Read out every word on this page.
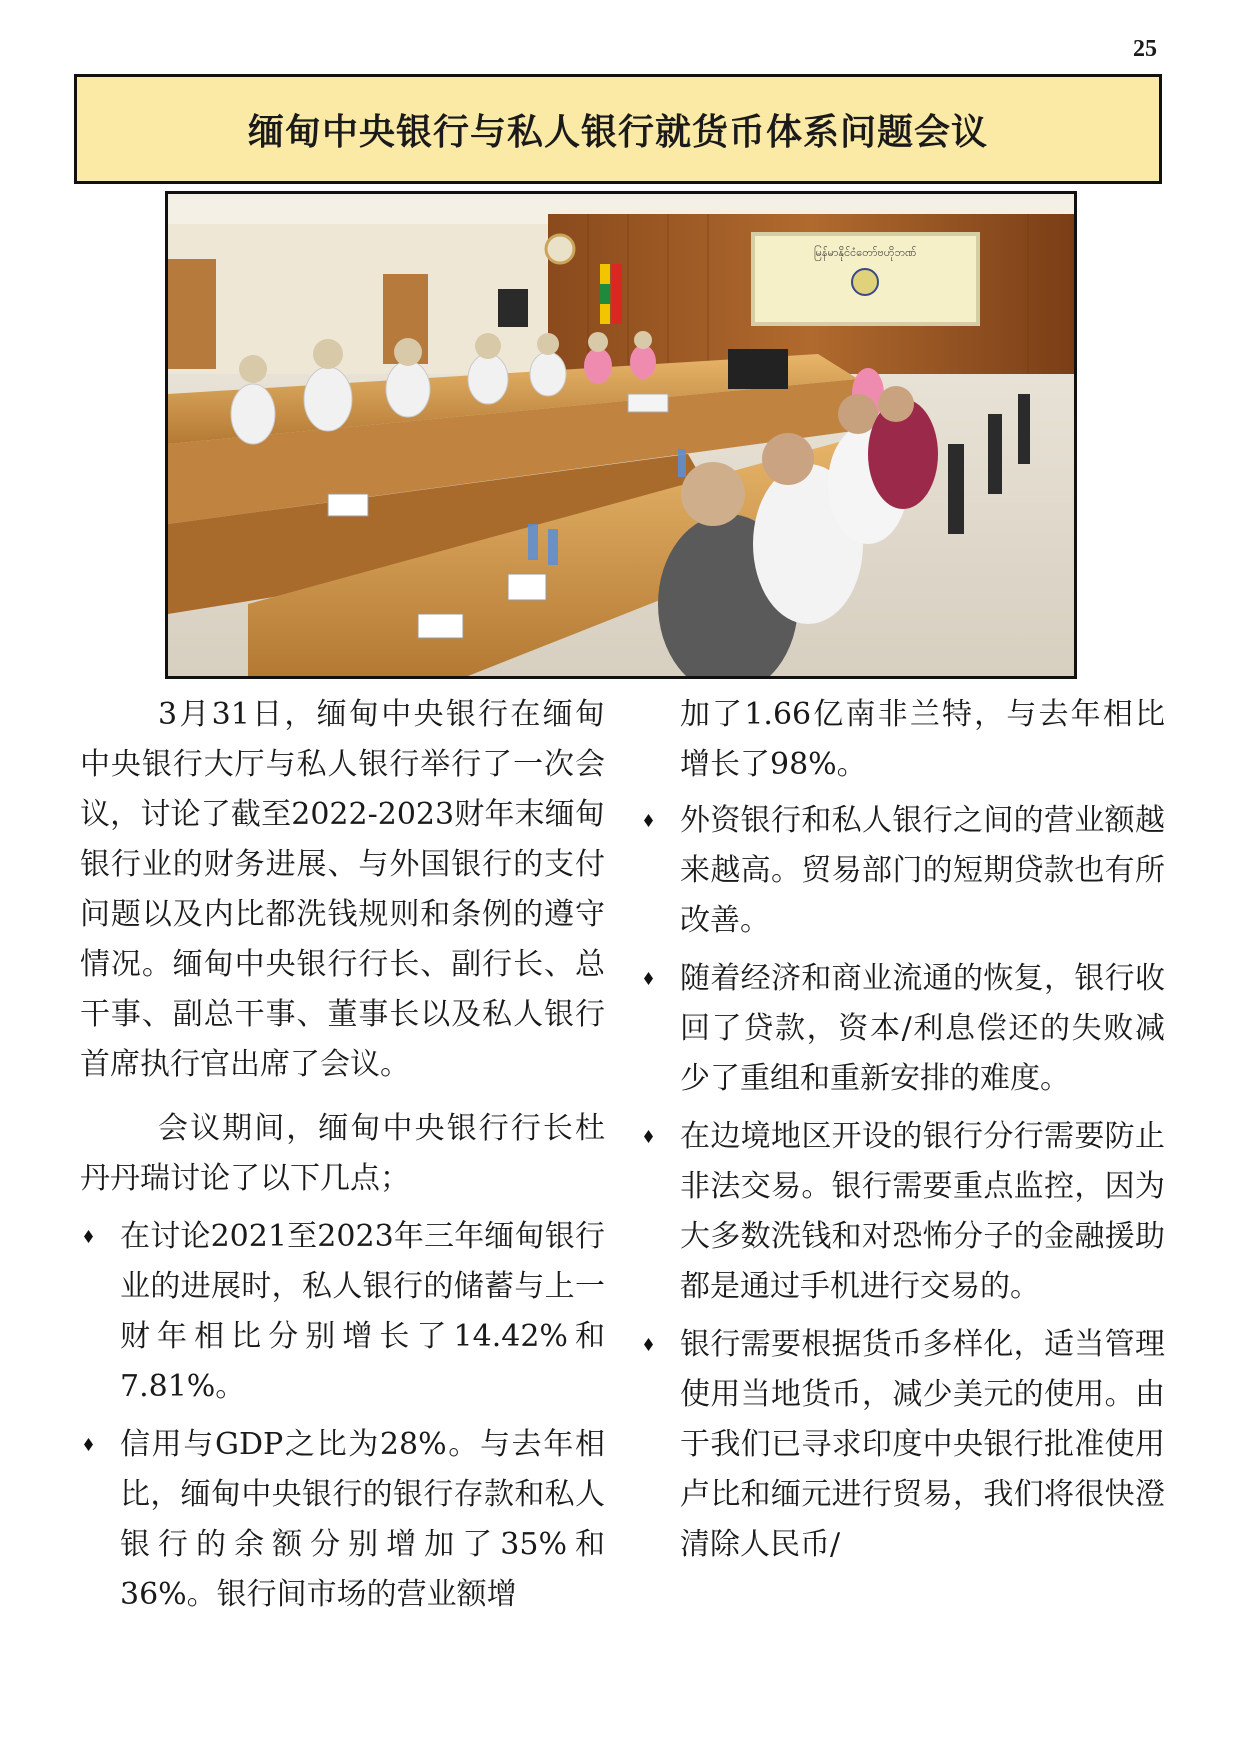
25
缅甸中央银行与私人银行就货币体系问题会议
မြန်မာနိုင်ငံတော်ဗဟိုဘဏ်

3月31日，缅甸中央银行在缅甸中央银行大厅与私人银行举行了一次会议，讨论了截至2022-2023财年末缅甸银行业的财务进展、与外国银行的支付问题以及内比都洗钱规则和条例的遵守情况。缅甸中央银行行长、副行长、总干事、副总干事、董事长以及私人银行首席执行官出席了会议。

会议期间，缅甸中央银行行长杜丹丹瑞讨论了以下几点；

在讨论2021至2023年三年缅甸银行业的进展时，私人银行的储蓄与上一财年相比分别增长了14.42%和7.81%。
信用与GDP之比为28%。与去年相比，缅甸中央银行的银行存款和私人银行的余额分别增加了35%和36%。银行间市场的营业额增

加了1.66亿南非兰特，与去年相比增长了98%。

外资银行和私人银行之间的营业额越来越高。贸易部门的短期贷款也有所改善。
随着经济和商业流通的恢复，银行收回了贷款，资本/利息偿还的失败减少了重组和重新安排的难度。
在边境地区开设的银行分行需要防止非法交易。银行需要重点监控，因为大多数洗钱和对恐怖分子的金融援助都是通过手机进行交易的。
银行需要根据货币多样化，适当管理使用当地货币，减少美元的使用。由于我们已寻求印度中央银行批准使用卢比和缅元进行贸易，我们将很快澄清除人民币/
